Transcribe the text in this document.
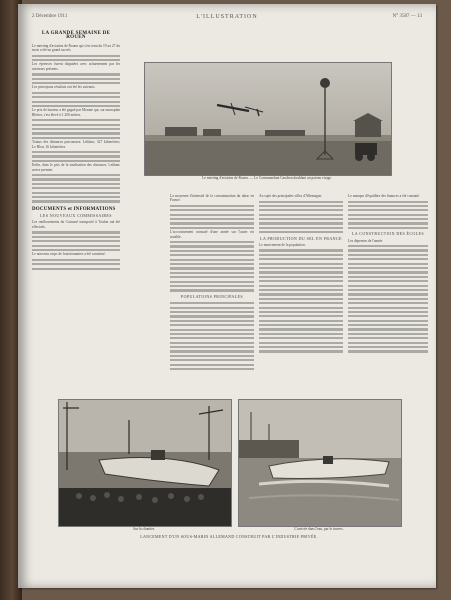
2 Décembre 1911	L'ILLUSTRATION	N° 3587 — 13
LA GRANDE SEMAINE DE ROUEN

Le meeting d'aviation de Rouen qui s'est tenu du 19 au 27 du mois a été un grand succès.

Les épreuves furent disputées avec acharnement par les aviateurs présents.

Les principaux résultats ont été les suivants.

Le prix de hauteur a été gagné par Morane qui, sur monoplan Blériot, s'est élevé à 1.200 mètres.

Totaux des distances parcourues: Leblanc, 327 kilomètres; Le Blon, 16 kilomètres.

Enfin, dans le prix de la totalisation des distances, Leblanc arrive premier.

DOCUMENTS et INFORMATIONS
LES NOUVEAUX COMMISSAIRES

Les renflouements du Cuirassé transporté à Toulon ont été effectués.

Le nouveau corps de fonctionnaires a été constitué.

Le meeting d'aviation de Rouen. — Le Cormmandant Caudron doublant un poteau virage.

La moyenne d'intensité de la consommation du tabac en France.

L'accroissement constaté d'une année sur l'autre est notable.

POPULATIONS PRINCIPALES

Au sujet des principales villes d'Allemagne.

LA PRODUCTION DU SEL EN FRANCE

Le mouvement de la population.

Le manque d'équilibre des finances a été constaté.

LA CONSTRUCTION DES ÉCOLES

Les dépenses de l'année.

Sur la chantier.	L'arrivée dans l'eau, par le travers.
LANCEMENT D'UN SOUS-MARIN ALLEMAND CONSTRUIT PAR L'INDUSTRIE PRIVÉE.
